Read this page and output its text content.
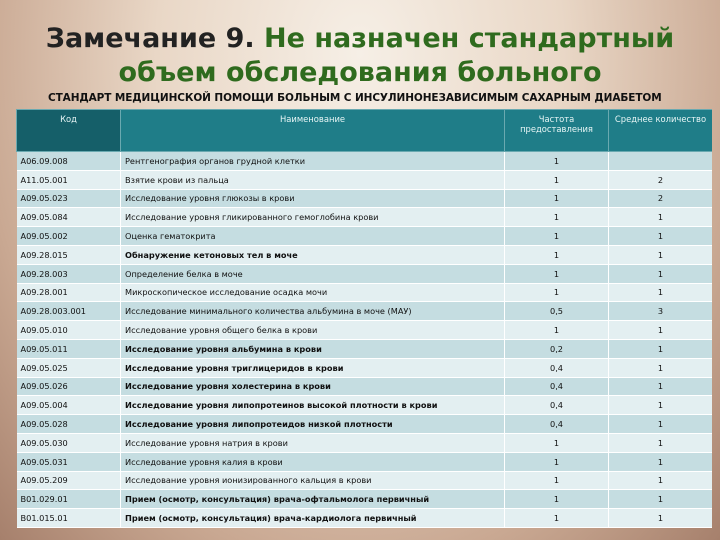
Замечание 9. Не назначен стандартный объем обследования больного
СТАНДАРТ МЕДИЦИНСКОЙ ПОМОЩИ БОЛЬНЫМ С ИНСУЛИНОНЕЗАВИСИМЫМ САХАРНЫМ ДИАБЕТОМ
Код	Наименование	Частота предоставления	Среднее количество
A06.09.008	Рентгенография органов грудной клетки	1	
A11.05.001	Взятие крови из пальца	1	2
A09.05.023	Исследование уровня глюкозы в крови	1	2
A09.05.084	Исследование уровня гликированного гемоглобина крови	1	1
A09.05.002	Оценка гематокрита	1	1
A09.28.015	Обнаружение кетоновых тел в моче	1	1
A09.28.003	Определение белка в моче	1	1
A09.28.001	Микроскопическое исследование осадка мочи	1	1
A09.28.003.001	Исследование минимального количества альбумина в моче (МАУ)	0,5	3
A09.05.010	Исследование уровня общего белка в крови	1	1
A09.05.011	Исследование уровня альбумина в крови	0,2	1
A09.05.025	Исследование уровня триглицеридов в крови	0,4	1
A09.05.026	Исследование уровня холестерина в крови	0,4	1
A09.05.004	Исследование уровня липопротеинов высокой плотности в крови	0,4	1
A09.05.028	Исследование уровня липопротеидов низкой плотности	0,4	1
A09.05.030	Исследование уровня натрия в крови	1	1
A09.05.031	Исследование уровня калия в крови	1	1
A09.05.209	Исследование уровня ионизированного кальция в крови	1	1
B01.029.01	Прием (осмотр, консультация) врача-офтальмолога первичный	1	1
B01.015.01	Прием (осмотр, консультация) врача-кардиолога первичный	1	1
